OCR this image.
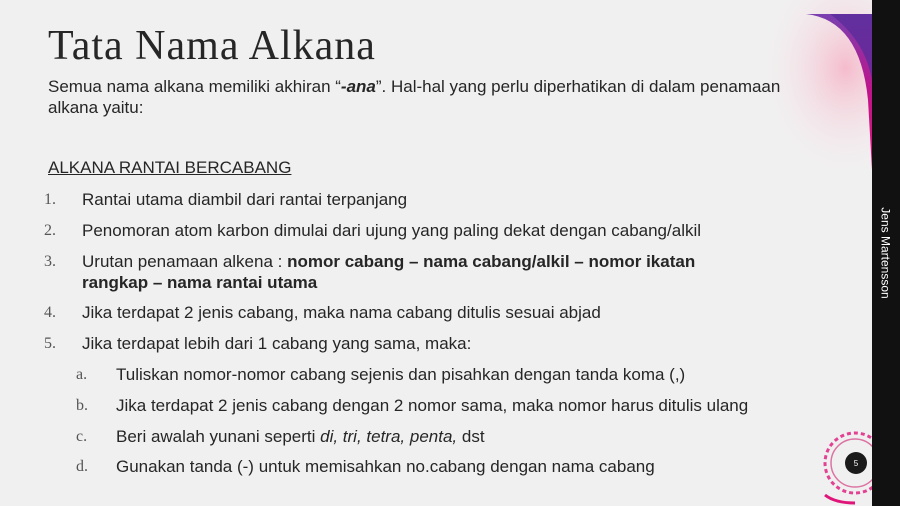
Jens Martensson
Tata Nama Alkana
Semua nama alkana memiliki akhiran “-ana”. Hal-hal yang perlu diperhatikan di dalam penamaan alkana yaitu:
ALKANA RANTAI BERCABANG
1. Rantai utama diambil dari rantai terpanjang
2. Penomoran atom karbon dimulai dari ujung yang paling dekat dengan cabang/alkil
3. Urutan penamaan alkena : nomor cabang – nama cabang/alkil – nomor ikatan
rangkap – nama rantai utama
4. Jika terdapat 2 jenis cabang, maka nama cabang ditulis sesuai abjad
5. Jika terdapat lebih dari 1 cabang yang sama, maka:
a. Tuliskan nomor-nomor cabang sejenis dan pisahkan dengan tanda koma (,)
b. Jika terdapat 2 jenis cabang dengan 2 nomor sama, maka nomor harus ditulis ulang
c. Beri awalah yunani seperti di, tri, tetra, penta, dst
d. Gunakan tanda (-) untuk memisahkan no.cabang dengan nama cabang	5
